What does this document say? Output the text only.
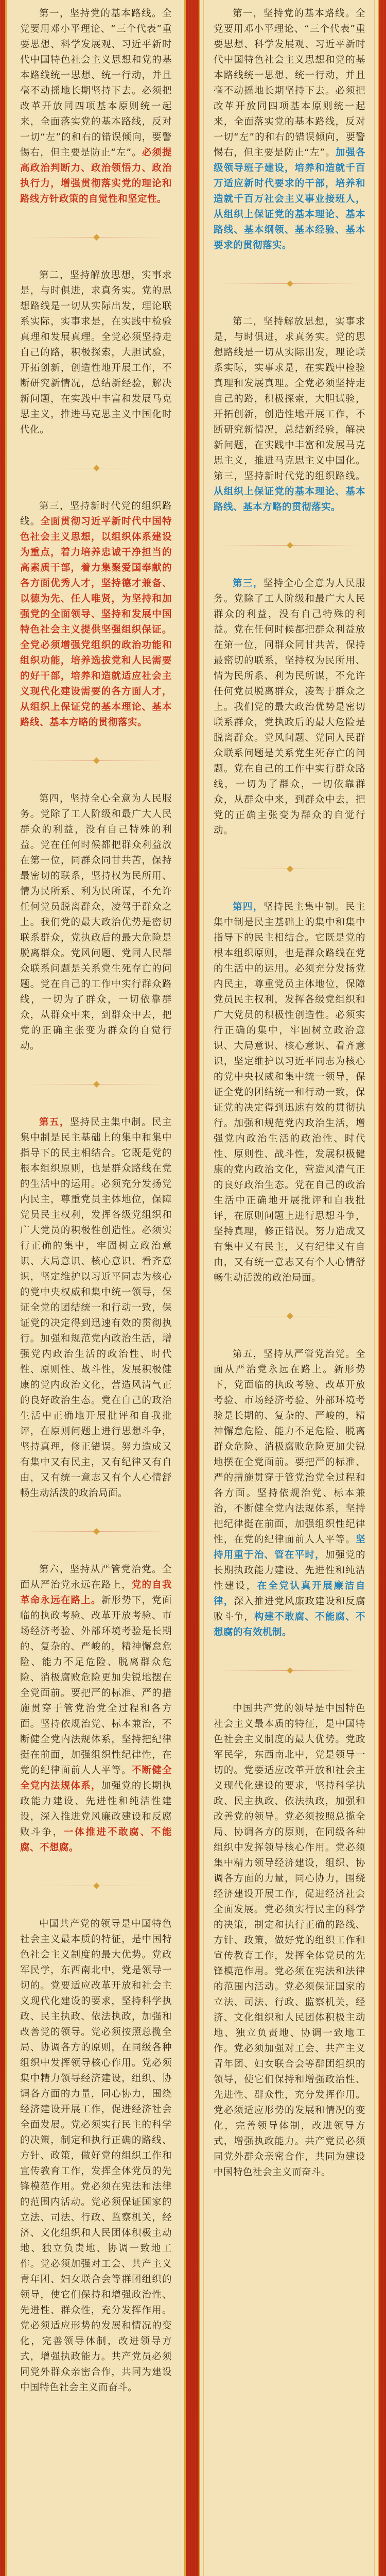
第一，坚持党的基本路线。全党要用邓小平理论、“三个代表”重要思想、科学发展观、习近平新时代中国特色社会主义思想和党的基本路线统一思想、统一行动，并且毫不动摇地长期坚持下去。必须把改革开放同四项基本原则统一起来，全面落实党的基本路线，反对一切“左”的和右的错误倾向，要警惕右，但主要是防止“左”。必须提高政治判断力、政治领悟力、政治执行力，增强贯彻落实党的理论和路线方针政策的自觉性和坚定性。

第二，坚持解放思想，实事求是，与时俱进，求真务实。党的思想路线是一切从实际出发，理论联系实际，实事求是，在实践中检验真理和发展真理。全党必须坚持走自己的路，积极探索，大胆试验，开拓创新，创造性地开展工作，不断研究新情况，总结新经验，解决新问题，在实践中丰富和发展马克思主义，推进马克思主义中国化时代化。

第三，坚持新时代党的组织路线。全面贯彻习近平新时代中国特色社会主义思想，以组织体系建设为重点，着力培养忠诚干净担当的高素质干部，着力集聚爱国奉献的各方面优秀人才，坚持德才兼备、以德为先、任人唯贤，为坚持和加强党的全面领导、坚持和发展中国特色社会主义提供坚强组织保证。全党必须增强党组织的政治功能和组织功能，培养选拔党和人民需要的好干部，培养和造就适应社会主义现代化建设需要的各方面人才，从组织上保证党的基本理论、基本路线、基本方略的贯彻落实。

第四，坚持全心全意为人民服务。党除了工人阶级和最广大人民群众的利益，没有自己特殊的利益。党在任何时候都把群众利益放在第一位，同群众同甘共苦，保持最密切的联系，坚持权为民所用、情为民所系、利为民所谋，不允许任何党员脱离群众，凌驾于群众之上。我们党的最大政治优势是密切联系群众，党执政后的最大危险是脱离群众。党风问题、党同人民群众联系问题是关系党生死存亡的问题。党在自己的工作中实行群众路线，一切为了群众，一切依靠群众，从群众中来，到群众中去，把党的正确主张变为群众的自觉行动。

第五，坚持民主集中制。民主集中制是民主基础上的集中和集中指导下的民主相结合。它既是党的根本组织原则，也是群众路线在党的生活中的运用。必须充分发扬党内民主，尊重党员主体地位，保障党员民主权利，发挥各级党组织和广大党员的积极性创造性。必须实行正确的集中，牢固树立政治意识、大局意识、核心意识、看齐意识，坚定维护以习近平同志为核心的党中央权威和集中统一领导，保证全党的团结统一和行动一致，保证党的决定得到迅速有效的贯彻执行。加强和规范党内政治生活，增强党内政治生活的政治性、时代性、原则性、战斗性，发展积极健康的党内政治文化，营造风清气正的良好政治生态。党在自己的政治生活中正确地开展批评和自我批评，在原则问题上进行思想斗争，坚持真理，修正错误。努力造成又有集中又有民主，又有纪律又有自由，又有统一意志又有个人心情舒畅生动活泼的政治局面。

第六，坚持从严管党治党。全面从严治党永远在路上，党的自我革命永远在路上。新形势下，党面临的执政考验、改革开放考验、市场经济考验、外部环境考验是长期的、复杂的、严峻的，精神懈怠危险、能力不足危险、脱离群众危险、消极腐败危险更加尖锐地摆在全党面前。要把严的标准、严的措施贯穿于管党治党全过程和各方面。坚持依规治党、标本兼治，不断健全党内法规体系，坚持把纪律挺在前面，加强组织性纪律性，在党的纪律面前人人平等。不断健全全党内法规体系，加强党的长期执政能力建设、先进性和纯洁性建设，深入推进党风廉政建设和反腐败斗争，一体推进不敢腐、不能腐、不想腐。

中国共产党的领导是中国特色社会主义最本质的特征，是中国特色社会主义制度的最大优势。党政军民学，东西南北中，党是领导一切的。党要适应改革开放和社会主义现代化建设的要求，坚持科学执政、民主执政、依法执政，加强和改善党的领导。党必须按照总揽全局、协调各方的原则，在同级各种组织中发挥领导核心作用。党必须集中精力领导经济建设，组织、协调各方面的力量，同心协力，围绕经济建设开展工作，促进经济社会全面发展。党必须实行民主的科学的决策，制定和执行正确的路线、方针、政策，做好党的组织工作和宣传教育工作，发挥全体党员的先锋模范作用。党必须在宪法和法律的范围内活动。党必须保证国家的立法、司法、行政、监察机关，经济、文化组织和人民团体积极主动地、独立负责地、协调一致地工作。党必须加强对工会、共产主义青年团、妇女联合会等群团组织的领导，使它们保持和增强政治性、先进性、群众性，充分发挥作用。党必须适应形势的发展和情况的变化，完善领导体制，改进领导方式，增强执政能力。共产党员必须同党外群众亲密合作，共同为建设中国特色社会主义而奋斗。

第一，坚持党的基本路线。全党要用邓小平理论、“三个代表”重要思想、科学发展观、习近平新时代中国特色社会主义思想和党的基本路线统一思想、统一行动，并且毫不动摇地长期坚持下去。必须把改革开放同四项基本原则统一起来，全面落实党的基本路线，反对一切“左”的和右的错误倾向，要警惕右，但主要是防止“左”。加强各级领导班子建设，培养和造就千百万适应新时代要求的干部，培养和造就千百万社会主义事业接班人，从组织上保证党的基本理论、基本路线、基本纲领、基本经验、基本要求的贯彻落实。

第二，坚持解放思想，实事求是，与时俱进，求真务实。党的思想路线是一切从实际出发，理论联系实际，实事求是，在实践中检验真理和发展真理。全党必须坚持走自己的路，积极探索，大胆试验，开拓创新，创造性地开展工作，不断研究新情况，总结新经验，解决新问题，在实践中丰富和发展马克思主义，推进马克思主义中国化。第三，坚持新时代党的组织路线。从组织上保证党的基本理论、基本路线、基本方略的贯彻落实。

第三，坚持全心全意为人民服务。党除了工人阶级和最广大人民群众的利益，没有自己特殊的利益。党在任何时候都把群众利益放在第一位，同群众同甘共苦，保持最密切的联系，坚持权为民所用、情为民所系、利为民所谋，不允许任何党员脱离群众，凌驾于群众之上。我们党的最大政治优势是密切联系群众，党执政后的最大危险是脱离群众。党风问题、党同人民群众联系问题是关系党生死存亡的问题。党在自己的工作中实行群众路线，一切为了群众，一切依靠群众，从群众中来，到群众中去，把党的正确主张变为群众的自觉行动。

第四，坚持民主集中制。民主集中制是民主基础上的集中和集中指导下的民主相结合。它既是党的根本组织原则，也是群众路线在党的生活中的运用。必须充分发扬党内民主，尊重党员主体地位，保障党员民主权利，发挥各级党组织和广大党员的积极性创造性。必须实行正确的集中，牢固树立政治意识、大局意识、核心意识、看齐意识，坚定维护以习近平同志为核心的党中央权威和集中统一领导，保证全党的团结统一和行动一致，保证党的决定得到迅速有效的贯彻执行。加强和规范党内政治生活，增强党内政治生活的政治性、时代性、原则性、战斗性，发展积极健康的党内政治文化，营造风清气正的良好政治生态。党在自己的政治生活中正确地开展批评和自我批评，在原则问题上进行思想斗争，坚持真理，修正错误。努力造成又有集中又有民主，又有纪律又有自由，又有统一意志又有个人心情舒畅生动活泼的政治局面。

第五，坚持从严管党治党。全面从严治党永远在路上。新形势下，党面临的执政考验、改革开放考验、市场经济考验、外部环境考验是长期的、复杂的、严峻的，精神懈怠危险、能力不足危险、脱离群众危险、消极腐败危险更加尖锐地摆在全党面前。要把严的标准、严的措施贯穿于管党治党全过程和各方面。坚持依规治党、标本兼治，不断健全党内法规体系，坚持把纪律挺在前面，加强组织性纪律性，在党的纪律面前人人平等。坚持用重于治、管在平时，加强党的长期执政能力建设、先进性和纯洁性建设，在全党认真开展廉洁自律，深入推进党风廉政建设和反腐败斗争，构建不敢腐、不能腐、不想腐的有效机制。

中国共产党的领导是中国特色社会主义最本质的特征，是中国特色社会主义制度的最大优势。党政军民学，东西南北中，党是领导一切的。党要适应改革开放和社会主义现代化建设的要求，坚持科学执政、民主执政、依法执政，加强和改善党的领导。党必须按照总揽全局、协调各方的原则，在同级各种组织中发挥领导核心作用。党必须集中精力领导经济建设，组织、协调各方面的力量，同心协力，围绕经济建设开展工作，促进经济社会全面发展。党必须实行民主的科学的决策，制定和执行正确的路线、方针、政策，做好党的组织工作和宣传教育工作，发挥全体党员的先锋模范作用。党必须在宪法和法律的范围内活动。党必须保证国家的立法、司法、行政、监察机关，经济、文化组织和人民团体积极主动地、独立负责地、协调一致地工作。党必须加强对工会、共产主义青年团、妇女联合会等群团组织的领导，使它们保持和增强政治性、先进性、群众性，充分发挥作用。党必须适应形势的发展和情况的变化，完善领导体制，改进领导方式，增强执政能力。共产党员必须同党外群众亲密合作，共同为建设中国特色社会主义而奋斗。
